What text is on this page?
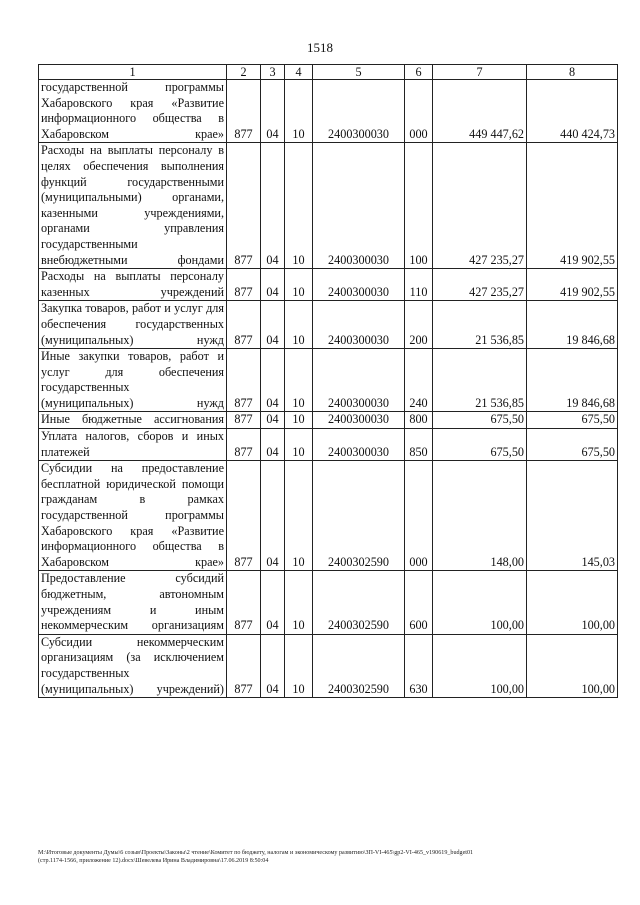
1518
1	2	3	4	5	6	7	8
государственной программы Хабаровского края «Развитие информационного общества в Хабаровском крае»	877	04	10	2400300030	000	449 447,62	440 424,73
Расходы на выплаты персоналу в целях обеспечения выполнения функций государственными (муниципальными) органами, казенными учреждениями, органами управления государственными внебюджетными фондами	877	04	10	2400300030	100	427 235,27	419 902,55
Расходы на выплаты персоналу казенных учреждений	877	04	10	2400300030	110	427 235,27	419 902,55
Закупка товаров, работ и услуг для обеспечения государственных (муниципальных) нужд	877	04	10	2400300030	200	21 536,85	19 846,68
Иные закупки товаров, работ и услуг для обеспечения государственных (муниципальных) нужд	877	04	10	2400300030	240	21 536,85	19 846,68
Иные бюджетные ассигнования	877	04	10	2400300030	800	675,50	675,50
Уплата налогов, сборов и иных платежей	877	04	10	2400300030	850	675,50	675,50
Субсидии на предоставление бесплатной юридической помощи гражданам в рамках государственной программы Хабаровского края «Развитие информационного общества в Хабаровском крае»	877	04	10	2400302590	000	148,00	145,03
Предоставление субсидий бюджетным, автономным учреждениям и иным некоммерческим организациям	877	04	10	2400302590	600	100,00	100,00
Субсидии некоммерческим организациям (за исключением государственных (муниципальных) учреждений)	877	04	10	2400302590	630	100,00	100,00
M:\Итоговые документы Думы\6 созыв\Проекты\Законы\2 чтение\Комитет по бюджету, налогам и экономическому развитию\ЗП-VI-465\gp2-VI-465_v190619_budget01
(стр.1174-1566, приложение 12).docx\Шевелева Ирина Владимировна\17.06.2019 8:50:04
